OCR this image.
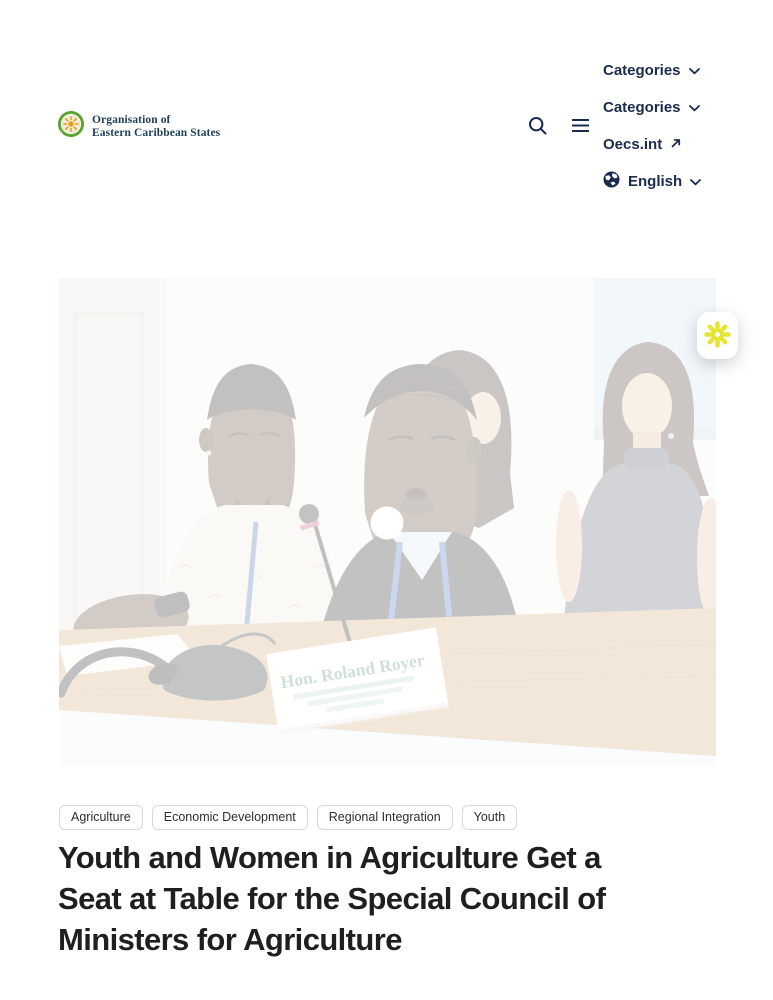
Organisation of
Eastern Caribbean States
Categories
Categories
Oecs.int
English
Agriculture	Economic Development	Regional Integration	Youth
Youth and Women in Agriculture Get a
Seat at Table for the Special Council of
Ministers for Agriculture
